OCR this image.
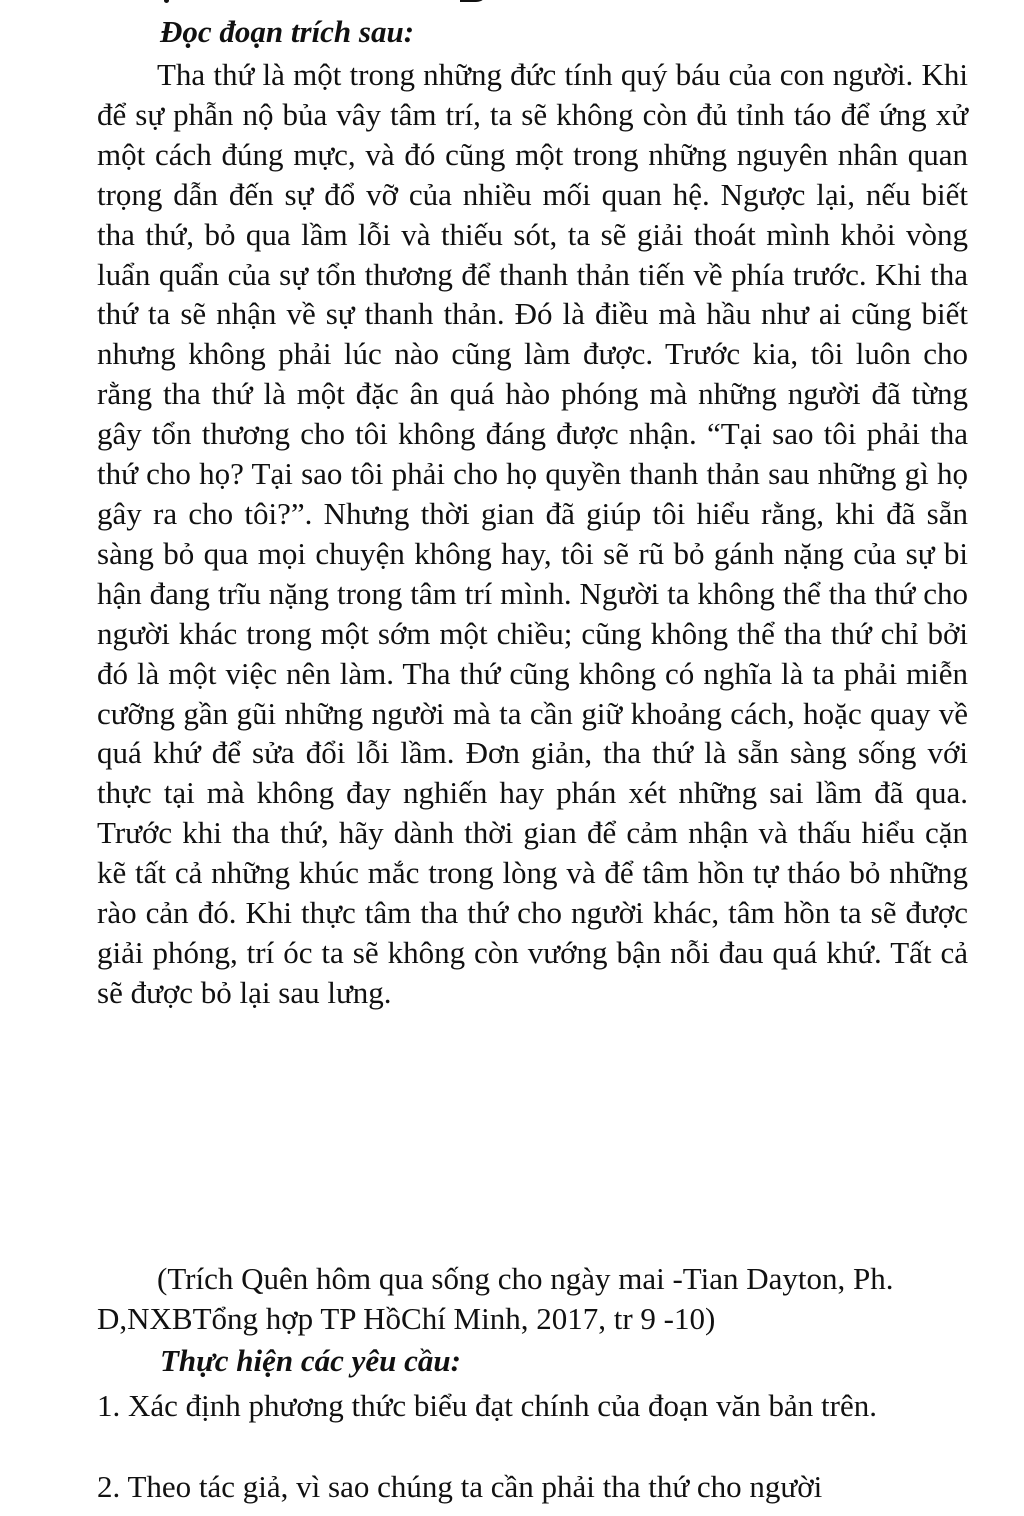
Đọc đoạn trích sau:

Tha thứ là một trong những đức tính quý báu của con người. Khi để sự phẫn nộ bủa vây tâm trí, ta sẽ không còn đủ tỉnh táo để ứng xử một cách đúng mực, và đó cũng một trong những nguyên nhân quan trọng dẫn đến sự đổ vỡ của nhiều mối quan hệ. Ngược lại, nếu biết tha thứ, bỏ qua lầm lỗi và thiếu sót, ta sẽ giải thoát mình khỏi vòng luẩn quẩn của sự tổn thương để thanh thản tiến về phía trước. Khi tha thứ ta sẽ nhận về sự thanh thản. Đó là điều mà hầu như ai cũng biết nhưng không phải lúc nào cũng làm được. Trước kia, tôi luôn cho rằng tha thứ là một đặc ân quá hào phóng mà những người đã từng gây tổn thương cho tôi không đáng được nhận. “Tại sao tôi phải tha thứ cho họ? Tại sao tôi phải cho họ quyền thanh thản sau những gì họ gây ra cho tôi?”. Nhưng thời gian đã giúp tôi hiểu rằng, khi đã sẵn sàng bỏ qua mọi chuyện không hay, tôi sẽ rũ bỏ gánh nặng của sự bi hận đang trĩu nặng trong tâm trí mình. Người ta không thể tha thứ cho người khác trong một sớm một chiều; cũng không thể tha thứ chỉ bởi đó là một việc nên làm. Tha thứ cũng không có nghĩa là ta phải miễn cưỡng gần gũi những người mà ta cần giữ khoảng cách, hoặc quay về quá khứ để sửa đổi lỗi lầm. Đơn giản, tha thứ là sẵn sàng sống với thực tại mà không đay nghiến hay phán xét những sai lầm đã qua. Trước khi tha thứ, hãy dành thời gian để cảm nhận và thấu hiểu cặn kẽ tất cả những khúc mắc trong lòng và để tâm hồn tự tháo bỏ những rào cản đó. Khi thực tâm tha thứ cho người khác, tâm hồn ta sẽ được giải phóng, trí óc ta sẽ không còn vướng bận nỗi đau quá khứ. Tất cả sẽ được bỏ lại sau lưng.

(Trích Quên hôm qua sống cho ngày mai -Tian Dayton, Ph. D,NXBTổng hợp TP HồChí Minh, 2017, tr 9 -10)

Thực hiện các yêu cầu:

1. Xác định phương thức biểu đạt chính của đoạn văn bản trên.

2. Theo tác giả, vì sao chúng ta cần phải tha thứ cho người
